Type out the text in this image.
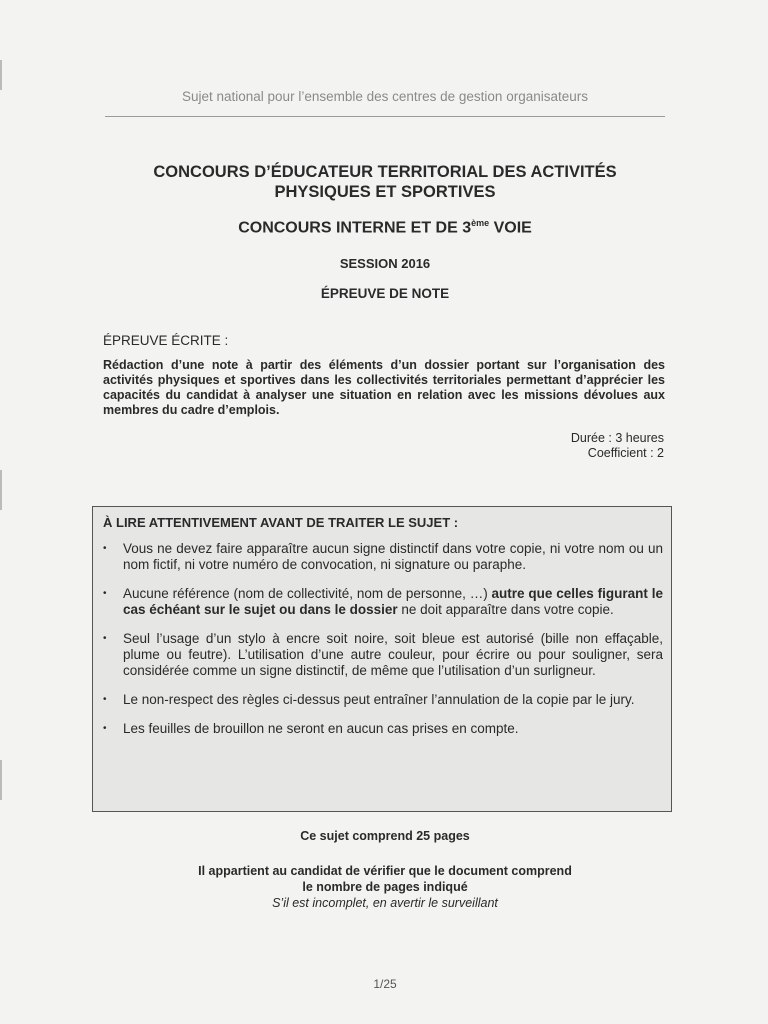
Sujet national pour l’ensemble des centres de gestion organisateurs
CONCOURS D’ÉDUCATEUR TERRITORIAL DES ACTIVITÉS
PHYSIQUES ET SPORTIVES
CONCOURS INTERNE ET DE 3ème VOIE
SESSION 2016
ÉPREUVE DE NOTE
ÉPREUVE ÉCRITE :
Rédaction d’une note à partir des éléments d’un dossier portant sur l’organisation des activités physiques et sportives dans les collectivités territoriales permettant d’apprécier les capacités du candidat à analyser une situation en relation avec les missions dévolues aux membres du cadre d’emplois.
Durée : 3 heures
Coefficient : 2
À LIRE ATTENTIVEMENT AVANT DE TRAITER LE SUJET :
• Vous ne devez faire apparaître aucun signe distinctif dans votre copie, ni votre nom ou un nom fictif, ni votre numéro de convocation, ni signature ou paraphe.
• Aucune référence (nom de collectivité, nom de personne, …) autre que celles figurant le cas échéant sur le sujet ou dans le dossier ne doit apparaître dans votre copie.
• Seul l’usage d’un stylo à encre soit noire, soit bleue est autorisé (bille non effaçable, plume ou feutre). L’utilisation d’une autre couleur, pour écrire ou pour souligner, sera considérée comme un signe distinctif, de même que l’utilisation d’un surligneur.
• Le non-respect des règles ci-dessus peut entraîner l’annulation de la copie par le jury.
• Les feuilles de brouillon ne seront en aucun cas prises en compte.
Ce sujet comprend 25 pages
Il appartient au candidat de vérifier que le document comprend
le nombre de pages indiqué
S’il est incomplet, en avertir le surveillant
1/25
